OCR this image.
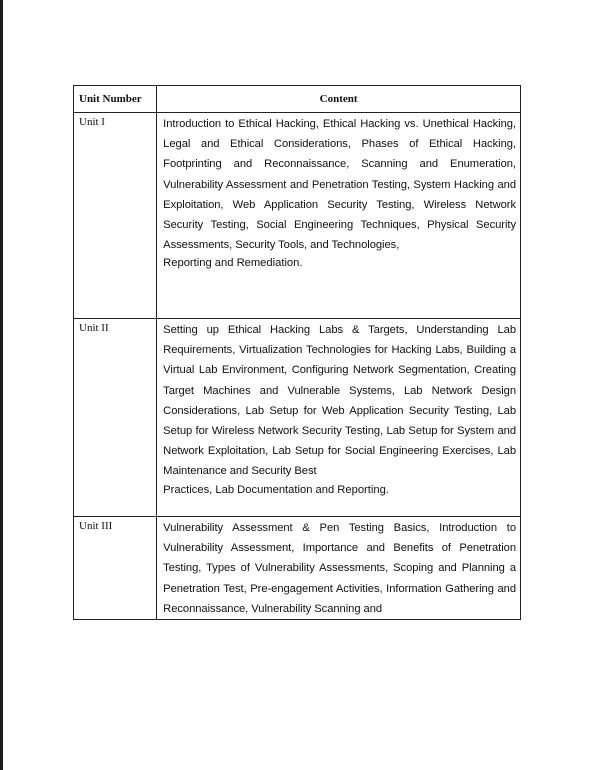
Unit Number	Content
Unit I	Introduction to Ethical Hacking, Ethical Hacking vs. Unethical Hacking, Legal and Ethical Considerations, Phases of Ethical Hacking, Footprinting and Reconnaissance, Scanning and Enumeration, Vulnerability Assessment and Penetration Testing, System Hacking and Exploitation, Web Application Security Testing, Wireless Network Security Testing, Social Engineering Techniques, Physical Security Assessments, Security Tools, and Technologies,

Reporting and Remediation.

Unit II	Setting up Ethical Hacking Labs & Targets, Understanding Lab Requirements, Virtualization Technologies for Hacking Labs, Building a Virtual Lab Environment, Configuring Network Segmentation, Creating Target Machines and Vulnerable Systems, Lab Network Design Considerations, Lab Setup for Web Application Security Testing, Lab Setup for Wireless Network Security Testing, Lab Setup for System and Network Exploitation, Lab Setup for Social Engineering Exercises, Lab Maintenance and Security Best

Practices, Lab Documentation and Reporting.

Unit III	Vulnerability Assessment & Pen Testing Basics, Introduction to Vulnerability Assessment, Importance and Benefits of Penetration Testing, Types of Vulnerability Assessments, Scoping and Planning a Penetration Test, Pre-engagement Activities, Information Gathering and Reconnaissance, Vulnerability Scanning and
